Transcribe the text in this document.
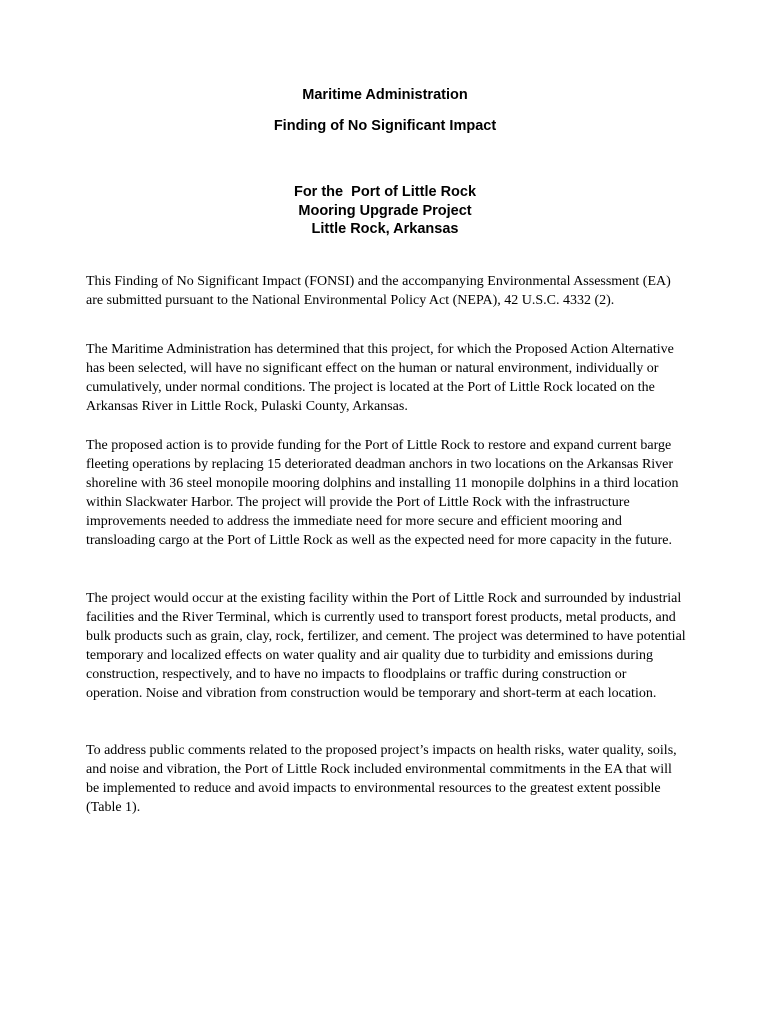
Maritime Administration
Finding of No Significant Impact
For the  Port of Little Rock
Mooring Upgrade Project
Little Rock, Arkansas

This Finding of No Significant Impact (FONSI) and the accompanying Environmental Assessment (EA) are submitted pursuant to the National Environmental Policy Act (NEPA), 42 U.S.C. 4332 (2).

The Maritime Administration has determined that this project, for which the Proposed Action Alternative has been selected, will have no significant effect on the human or natural environment, individually or cumulatively, under normal conditions. The project is located at the Port of Little Rock located on the Arkansas River in Little Rock, Pulaski County, Arkansas.

The proposed action is to provide funding for the Port of Little Rock to restore and expand current barge fleeting operations by replacing 15 deteriorated deadman anchors in two locations on the Arkansas River shoreline with 36 steel monopile mooring dolphins and installing 11 monopile dolphins in a third location within Slackwater Harbor. The project will provide the Port of Little Rock with the infrastructure improvements needed to address the immediate need for more secure and efficient mooring and transloading cargo at the Port of Little Rock as well as the expected need for more capacity in the future.

The project would occur at the existing facility within the Port of Little Rock and surrounded by industrial facilities and the River Terminal, which is currently used to transport forest products, metal products, and bulk products such as grain, clay, rock, fertilizer, and cement. The project was determined to have potential temporary and localized effects on water quality and air quality due to turbidity and emissions during construction, respectively, and to have no impacts to floodplains or traffic during construction or operation. Noise and vibration from construction would be temporary and short-term at each location.

To address public comments related to the proposed project’s impacts on health risks, water quality, soils, and noise and vibration, the Port of Little Rock included environmental commitments in the EA that will be implemented to reduce and avoid impacts to environmental resources to the greatest extent possible (Table 1).
